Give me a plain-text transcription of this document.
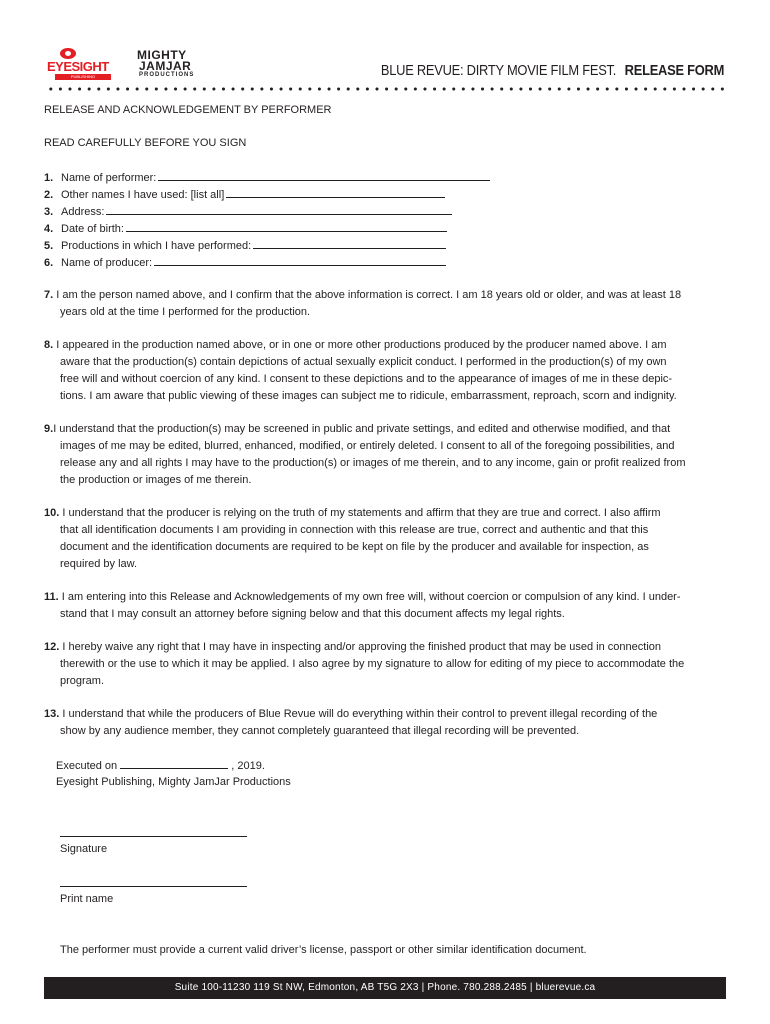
EYESIGHT
PUBLISHING
MIGHTY
JAMJAR
PRODUCTIONS	BLUE REVUE: DIRTY MOVIE FILM FEST. RELEASE FORM
RELEASE AND ACKNOWLEDGEMENT BY PERFORMER
READ CAREFULLY BEFORE YOU SIGN
1. Name of performer:
2. Other names I have used: [list all]
3. Address:
4. Date of birth:
5. Productions in which I have performed:
6. Name of producer:
7. I am the person named above, and I confirm that the above information is correct. I am 18 years old or older, and was at least 18
years old at the time I performed for the production.
8. I appeared in the production named above, or in one or more other productions produced by the producer named above. I am
aware that the production(s) contain depictions of actual sexually explicit conduct. I performed in the production(s) of my own
free will and without coercion of any kind. I consent to these depictions and to the appearance of images of me in these depic-
tions. I am aware that public viewing of these images can subject me to ridicule, embarrassment, reproach, scorn and indignity.
9.I understand that the production(s) may be screened in public and private settings, and edited and otherwise modified, and that
images of me may be edited, blurred, enhanced, modified, or entirely deleted. I consent to all of the foregoing possibilities, and
release any and all rights I may have to the production(s) or images of me therein, and to any income, gain or profit realized from
the production or images of me therein.
10. I understand that the producer is relying on the truth of my statements and affirm that they are true and correct. I also affirm
that all identification documents I am providing in connection with this release are true, correct and authentic and that this
document and the identification documents are required to be kept on file by the producer and available for inspection, as
required by law.
11. I am entering into this Release and Acknowledgements of my own free will, without coercion or compulsion of any kind. I under-
stand that I may consult an attorney before signing below and that this document affects my legal rights.
12. I hereby waive any right that I may have in inspecting and/or approving the finished product that may be used in connection
therewith or the use to which it may be applied. I also agree by my signature to allow for editing of my piece to accommodate the
program.
13. I understand that while the producers of Blue Revue will do everything within their control to prevent illegal recording of the
show by any audience member, they cannot completely guaranteed that illegal recording will be prevented.
Executed on	, 2019.
Eyesight Publishing, Mighty JamJar Productions
Signature
Print name
The performer must provide a current valid driver’s license, passport or other similar identification document.
Suite 100-11230 119 St NW, Edmonton, AB T5G 2X3 | Phone. 780.288.2485 | bluerevue.ca
